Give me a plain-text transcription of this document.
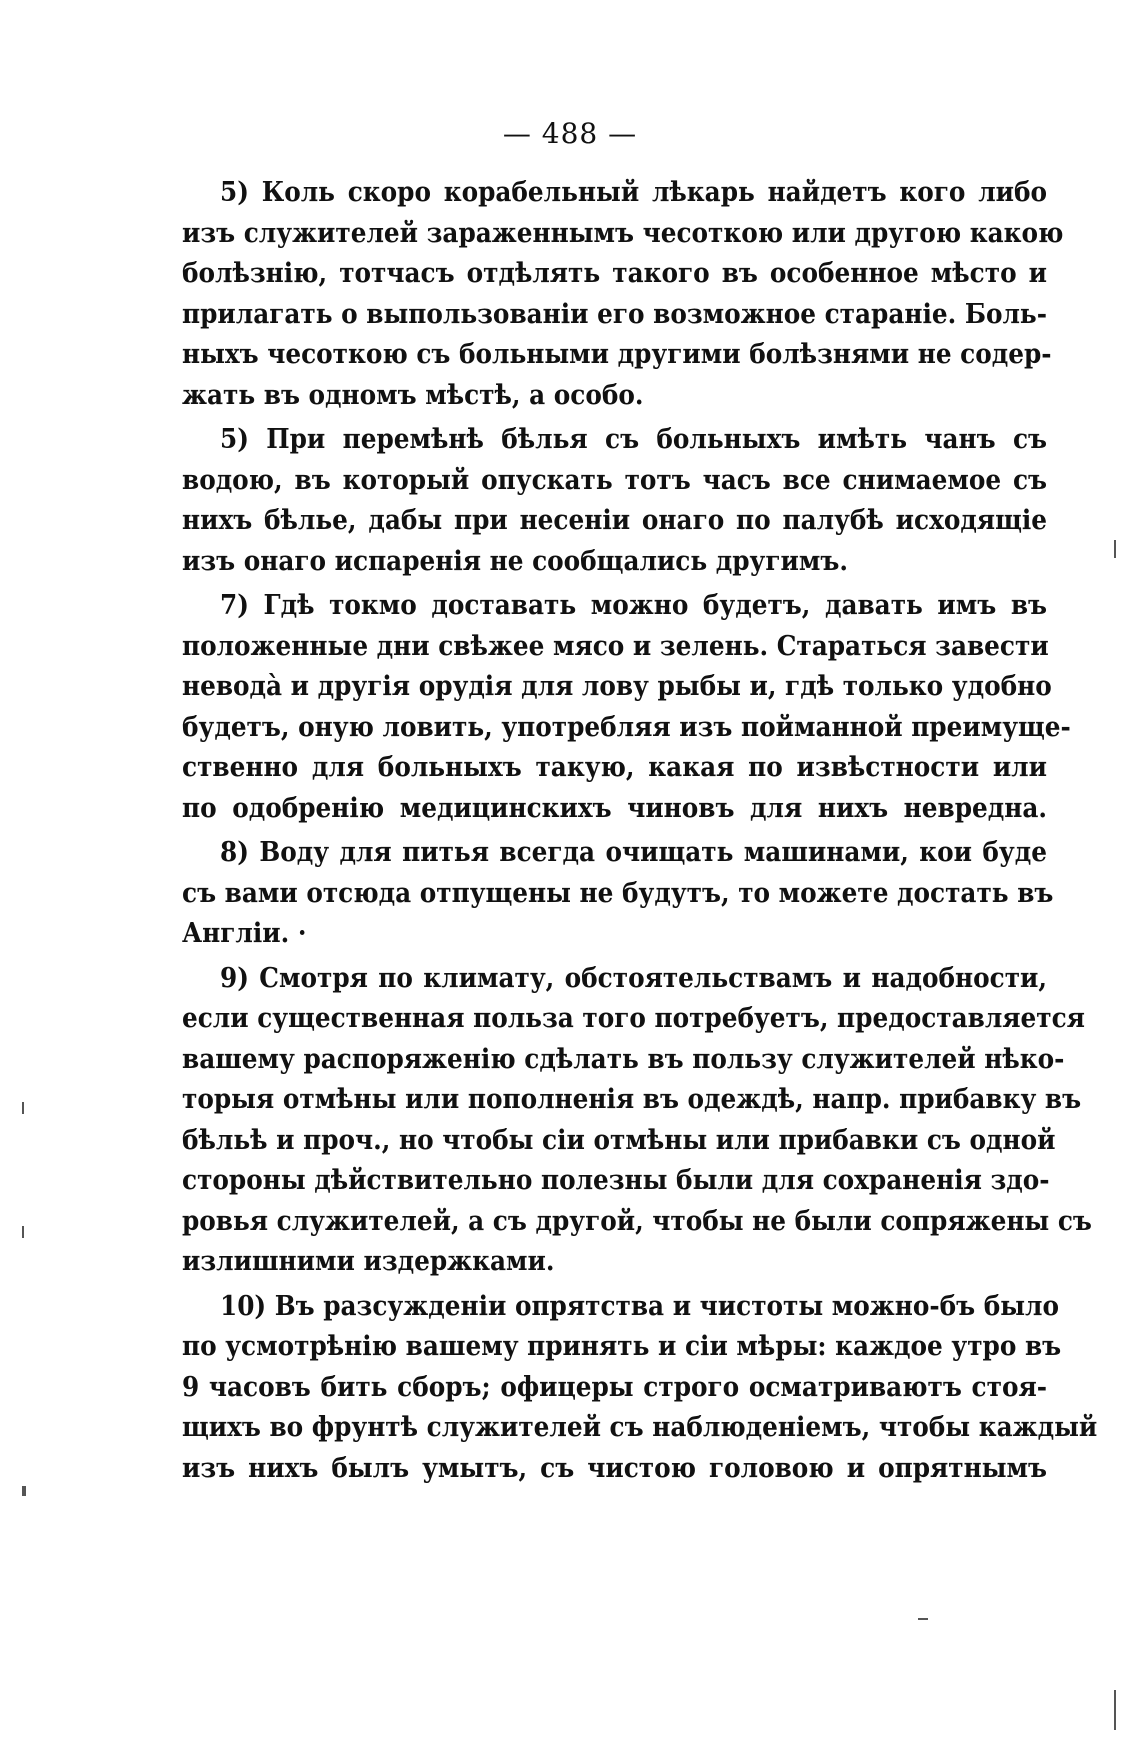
— 488 —
5) Коль скоро корабельный лѣкарь найдетъ кого либо
изъ служителей зараженнымъ чесоткою или другою какою
болѣзнiю, тотчасъ отдѣлять такого въ особенное мѣсто и
прилагать о выпользованiи его возможное старанiе. Боль-
ныхъ чесоткою съ больными другими болѣзнями не содер-
жать въ одномъ мѣстѣ, а особо.
5) При перемѣнѣ бѣлья съ больныхъ имѣть чанъ съ
водою, въ который опускать тотъ часъ все снимаемое съ
нихъ бѣлье, дабы при несенiи онаго по палубѣ исходящiе
изъ онаго испаренiя не сообщались другимъ.
7) Гдѣ токмо доставать можно будетъ, давать имъ въ
положенные дни свѣжее мясо и зелень. Стараться завести
невода̀ и другiя орудiя для лову рыбы и, гдѣ только удобно
будетъ, оную ловить, употребляя изъ пойманной преимуще-
ственно для больныхъ такую, какая по извѣстности или
по одобренiю медицинскихъ чиновъ для нихъ невредна.
8) Воду для питья всегда очищать машинами, кои буде
съ вами отсюда отпущены не будутъ, то можете достать въ
Англiи. ·
9) Смотря по климату, обстоятельствамъ и надобности,
если существенная польза того потребуетъ, предоставляется
вашему распоряженiю сдѣлать въ пользу служителей нѣко-
торыя отмѣны или пополненiя въ одеждѣ, напр. прибавку въ
бѣльѣ и проч., но чтобы сiи отмѣны или прибавки съ одной
стороны дѣйствительно полезны были для сохраненiя здо-
ровья служителей, а съ другой, чтобы не были сопряжены съ
излишними издержками.
10) Въ разсужденiи опрятства и чистоты можно-бъ было
по усмотрѣнiю вашему принять и сiи мѣры: каждое утро въ
9 часовъ бить сборъ; офицеры строго осматриваютъ стоя-
щихъ во фрунтѣ служителей съ наблюденiемъ, чтобы каждый
изъ нихъ былъ умытъ, съ чистою головою и опрятнымъ
